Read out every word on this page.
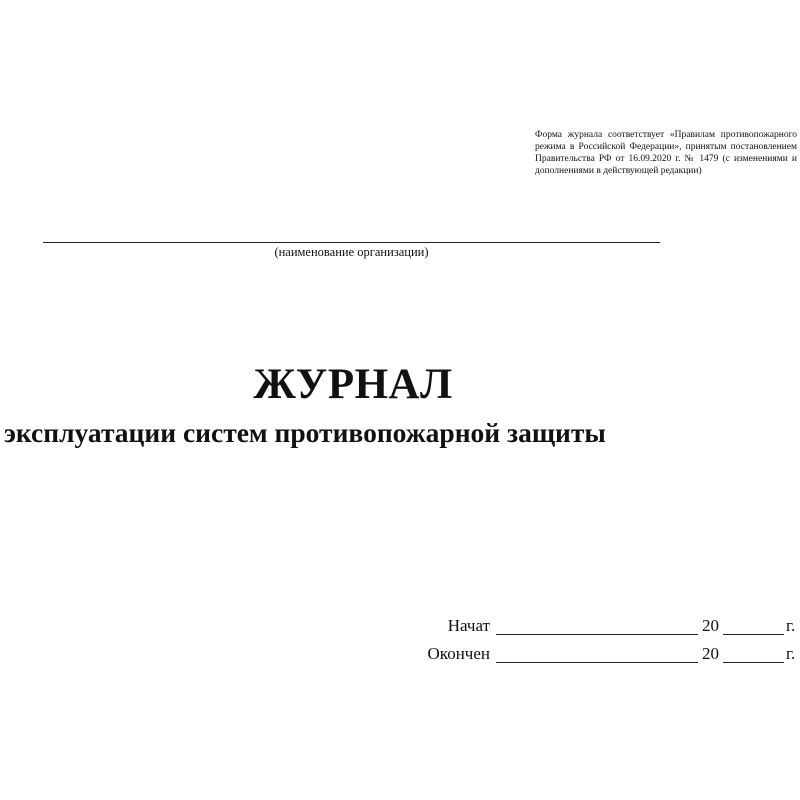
Форма журнала соответствует «Правилам противопожарного режима в Российской Федерации», принятым постановлением Правительства РФ от 16.09.2020 г. № 1479 (с изменениями и дополнениями в действующей редакции)
(наименование организации)
ЖУРНАЛ
эксплуатации систем противопожарной защиты
Начат	20	г.
Окончен	20	г.
